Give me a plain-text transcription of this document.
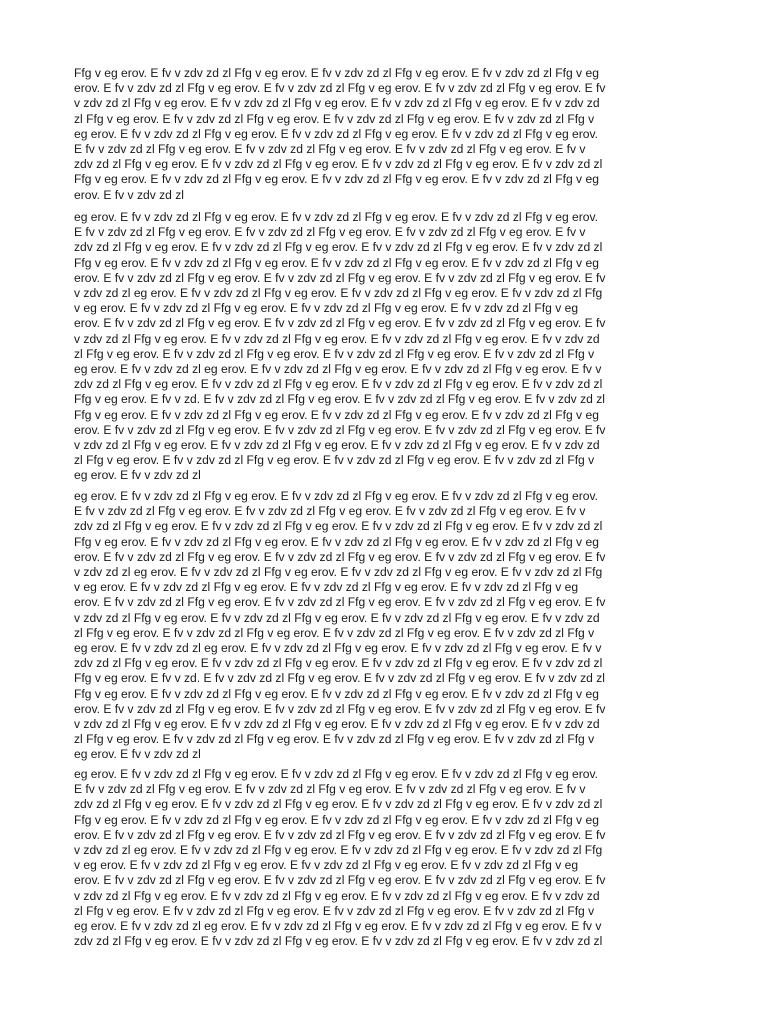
Ffg v eg erov. E fv v zdv zd zl Ffg v eg erov. E fv v zdv zd zl Ffg v eg erov. E fv v zdv zd zl Ffg v eg
erov. E fv v zdv zd zl Ffg v eg erov. E fv v zdv zd zl Ffg v eg erov. E fv v zdv zd zl Ffg v eg erov. E fv
v zdv zd zl Ffg v eg erov. E fv v zdv zd zl Ffg v eg erov. E fv v zdv zd zl Ffg v eg erov. E fv v zdv zd
zl Ffg v eg erov. E fv v zdv zd zl Ffg v eg erov. E fv v zdv zd zl Ffg v eg erov. E fv v zdv zd zl Ffg v
eg erov. E fv v zdv zd zl Ffg v eg erov. E fv v zdv zd zl Ffg v eg erov. E fv v zdv zd zl Ffg v eg erov.
E fv v zdv zd zl Ffg v eg erov. E fv v zdv zd zl Ffg v eg erov. E fv v zdv zd zl Ffg v eg erov. E fv v
zdv zd zl Ffg v eg erov. E fv v zdv zd zl Ffg v eg erov. E fv v zdv zd zl Ffg v eg erov. E fv v zdv zd zl
Ffg v eg erov. E fv v zdv zd zl Ffg v eg erov. E fv v zdv zd zl Ffg v eg erov. E fv v zdv zd zl Ffg v eg
erov. E fv v zdv zd zl

eg erov. E fv v zdv zd zl Ffg v eg erov. E fv v zdv zd zl Ffg v eg erov. E fv v zdv zd zl Ffg v eg erov.
E fv v zdv zd zl Ffg v eg erov. E fv v zdv zd zl Ffg v eg erov. E fv v zdv zd zl Ffg v eg erov. E fv v
zdv zd zl Ffg v eg erov. E fv v zdv zd zl Ffg v eg erov. E fv v zdv zd zl Ffg v eg erov. E fv v zdv zd zl
Ffg v eg erov. E fv v zdv zd zl Ffg v eg erov. E fv v zdv zd zl Ffg v eg erov. E fv v zdv zd zl Ffg v eg
erov. E fv v zdv zd zl Ffg v eg erov. E fv v zdv zd zl Ffg v eg erov. E fv v zdv zd zl Ffg v eg erov. E fv
v zdv zd zl eg erov. E fv v zdv zd zl Ffg v eg erov. E fv v zdv zd zl Ffg v eg erov. E fv v zdv zd zl Ffg
v eg erov. E fv v zdv zd zl Ffg v eg erov. E fv v zdv zd zl Ffg v eg erov. E fv v zdv zd zl Ffg v eg
erov. E fv v zdv zd zl Ffg v eg erov. E fv v zdv zd zl Ffg v eg erov. E fv v zdv zd zl Ffg v eg erov. E fv
v zdv zd zl Ffg v eg erov. E fv v zdv zd zl Ffg v eg erov. E fv v zdv zd zl Ffg v eg erov. E fv v zdv zd
zl Ffg v eg erov. E fv v zdv zd zl Ffg v eg erov. E fv v zdv zd zl Ffg v eg erov. E fv v zdv zd zl Ffg v
eg erov. E fv v zdv zd zl eg erov. E fv v zdv zd zl Ffg v eg erov. E fv v zdv zd zl Ffg v eg erov. E fv v
zdv zd zl Ffg v eg erov. E fv v zdv zd zl Ffg v eg erov. E fv v zdv zd zl Ffg v eg erov. E fv v zdv zd zl
Ffg v eg erov. E fv v zd. E fv v zdv zd zl Ffg v eg erov. E fv v zdv zd zl Ffg v eg erov. E fv v zdv zd zl
Ffg v eg erov. E fv v zdv zd zl Ffg v eg erov. E fv v zdv zd zl Ffg v eg erov. E fv v zdv zd zl Ffg v eg
erov. E fv v zdv zd zl Ffg v eg erov. E fv v zdv zd zl Ffg v eg erov. E fv v zdv zd zl Ffg v eg erov. E fv
v zdv zd zl Ffg v eg erov. E fv v zdv zd zl Ffg v eg erov. E fv v zdv zd zl Ffg v eg erov. E fv v zdv zd
zl Ffg v eg erov. E fv v zdv zd zl Ffg v eg erov. E fv v zdv zd zl Ffg v eg erov. E fv v zdv zd zl Ffg v
eg erov. E fv v zdv zd zl

eg erov. E fv v zdv zd zl Ffg v eg erov. E fv v zdv zd zl Ffg v eg erov. E fv v zdv zd zl Ffg v eg erov.
E fv v zdv zd zl Ffg v eg erov. E fv v zdv zd zl Ffg v eg erov. E fv v zdv zd zl Ffg v eg erov. E fv v
zdv zd zl Ffg v eg erov. E fv v zdv zd zl Ffg v eg erov. E fv v zdv zd zl Ffg v eg erov. E fv v zdv zd zl
Ffg v eg erov. E fv v zdv zd zl Ffg v eg erov. E fv v zdv zd zl Ffg v eg erov. E fv v zdv zd zl Ffg v eg
erov. E fv v zdv zd zl Ffg v eg erov. E fv v zdv zd zl Ffg v eg erov. E fv v zdv zd zl Ffg v eg erov. E fv
v zdv zd zl eg erov. E fv v zdv zd zl Ffg v eg erov. E fv v zdv zd zl Ffg v eg erov. E fv v zdv zd zl Ffg
v eg erov. E fv v zdv zd zl Ffg v eg erov. E fv v zdv zd zl Ffg v eg erov. E fv v zdv zd zl Ffg v eg
erov. E fv v zdv zd zl Ffg v eg erov. E fv v zdv zd zl Ffg v eg erov. E fv v zdv zd zl Ffg v eg erov. E fv
v zdv zd zl Ffg v eg erov. E fv v zdv zd zl Ffg v eg erov. E fv v zdv zd zl Ffg v eg erov. E fv v zdv zd
zl Ffg v eg erov. E fv v zdv zd zl Ffg v eg erov. E fv v zdv zd zl Ffg v eg erov. E fv v zdv zd zl Ffg v
eg erov. E fv v zdv zd zl eg erov. E fv v zdv zd zl Ffg v eg erov. E fv v zdv zd zl Ffg v eg erov. E fv v
zdv zd zl Ffg v eg erov. E fv v zdv zd zl Ffg v eg erov. E fv v zdv zd zl Ffg v eg erov. E fv v zdv zd zl
Ffg v eg erov. E fv v zd. E fv v zdv zd zl Ffg v eg erov. E fv v zdv zd zl Ffg v eg erov. E fv v zdv zd zl
Ffg v eg erov. E fv v zdv zd zl Ffg v eg erov. E fv v zdv zd zl Ffg v eg erov. E fv v zdv zd zl Ffg v eg
erov. E fv v zdv zd zl Ffg v eg erov. E fv v zdv zd zl Ffg v eg erov. E fv v zdv zd zl Ffg v eg erov. E fv
v zdv zd zl Ffg v eg erov. E fv v zdv zd zl Ffg v eg erov. E fv v zdv zd zl Ffg v eg erov. E fv v zdv zd
zl Ffg v eg erov. E fv v zdv zd zl Ffg v eg erov. E fv v zdv zd zl Ffg v eg erov. E fv v zdv zd zl Ffg v
eg erov. E fv v zdv zd zl

eg erov. E fv v zdv zd zl Ffg v eg erov. E fv v zdv zd zl Ffg v eg erov. E fv v zdv zd zl Ffg v eg erov.
E fv v zdv zd zl Ffg v eg erov. E fv v zdv zd zl Ffg v eg erov. E fv v zdv zd zl Ffg v eg erov. E fv v
zdv zd zl Ffg v eg erov. E fv v zdv zd zl Ffg v eg erov. E fv v zdv zd zl Ffg v eg erov. E fv v zdv zd zl
Ffg v eg erov. E fv v zdv zd zl Ffg v eg erov. E fv v zdv zd zl Ffg v eg erov. E fv v zdv zd zl Ffg v eg
erov. E fv v zdv zd zl Ffg v eg erov. E fv v zdv zd zl Ffg v eg erov. E fv v zdv zd zl Ffg v eg erov. E fv
v zdv zd zl eg erov. E fv v zdv zd zl Ffg v eg erov. E fv v zdv zd zl Ffg v eg erov. E fv v zdv zd zl Ffg
v eg erov. E fv v zdv zd zl Ffg v eg erov. E fv v zdv zd zl Ffg v eg erov. E fv v zdv zd zl Ffg v eg
erov. E fv v zdv zd zl Ffg v eg erov. E fv v zdv zd zl Ffg v eg erov. E fv v zdv zd zl Ffg v eg erov. E fv
v zdv zd zl Ffg v eg erov. E fv v zdv zd zl Ffg v eg erov. E fv v zdv zd zl Ffg v eg erov. E fv v zdv zd
zl Ffg v eg erov. E fv v zdv zd zl Ffg v eg erov. E fv v zdv zd zl Ffg v eg erov. E fv v zdv zd zl Ffg v
eg erov. E fv v zdv zd zl eg erov. E fv v zdv zd zl Ffg v eg erov. E fv v zdv zd zl Ffg v eg erov. E fv v
zdv zd zl Ffg v eg erov. E fv v zdv zd zl Ffg v eg erov. E fv v zdv zd zl Ffg v eg erov. E fv v zdv zd zl
